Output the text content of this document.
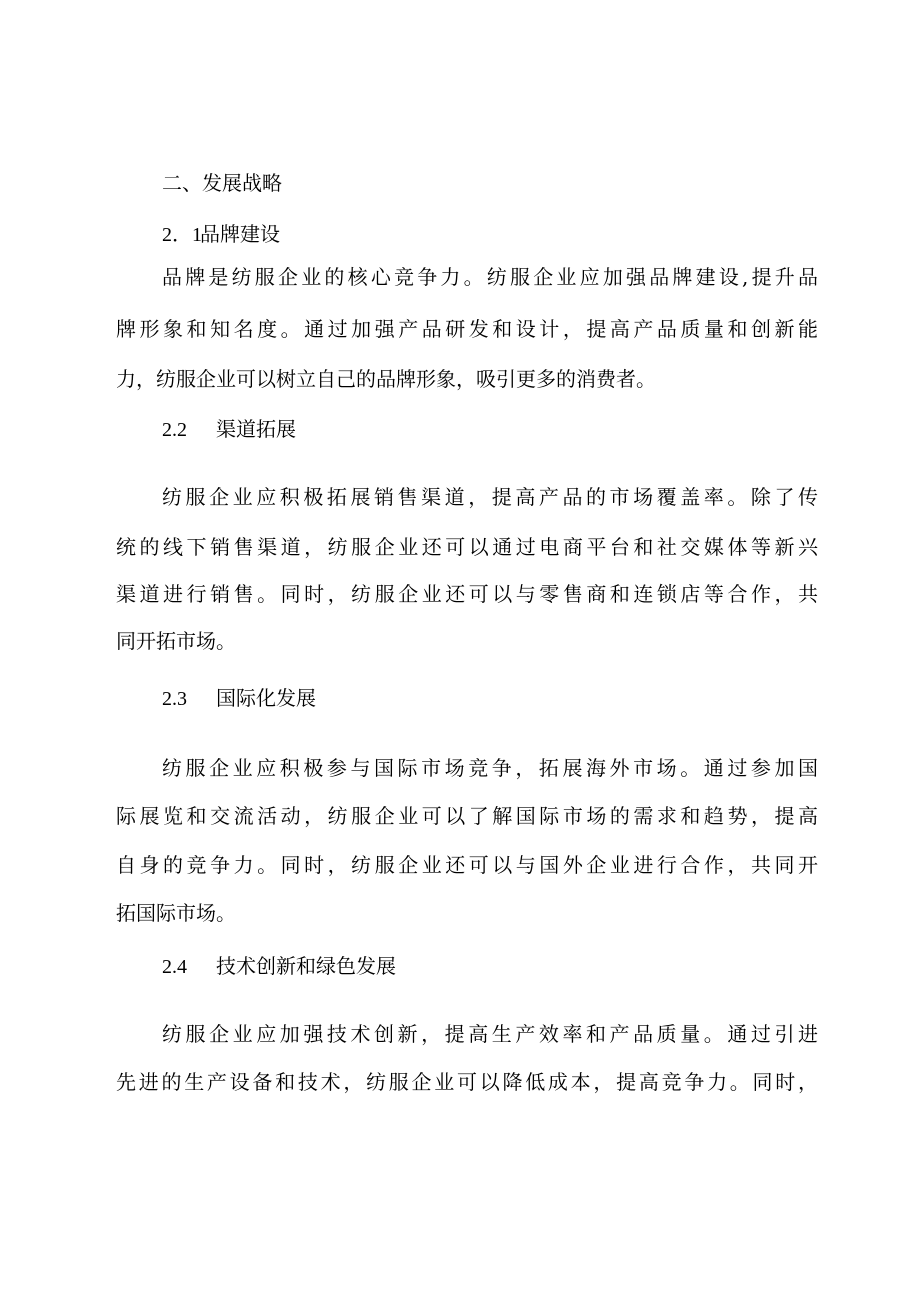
二、发展战略
2．1品牌建设
品牌是纺服企业的核心竞争力。纺服企业应加强品牌建设,提升品
牌形象和知名度。通过加强产品研发和设计，提高产品质量和创新能
力，纺服企业可以树立自己的品牌形象，吸引更多的消费者。
2.2 渠道拓展
纺服企业应积极拓展销售渠道，提高产品的市场覆盖率。除了传
统的线下销售渠道，纺服企业还可以通过电商平台和社交媒体等新兴
渠道进行销售。同时，纺服企业还可以与零售商和连锁店等合作，共
同开拓市场。
2.3 国际化发展
纺服企业应积极参与国际市场竞争，拓展海外市场。通过参加国
际展览和交流活动，纺服企业可以了解国际市场的需求和趋势，提高
自身的竞争力。同时，纺服企业还可以与国外企业进行合作，共同开
拓国际市场。
2.4 技术创新和绿色发展
纺服企业应加强技术创新，提高生产效率和产品质量。通过引进
先进的生产设备和技术，纺服企业可以降低成本，提高竞争力。同时，
